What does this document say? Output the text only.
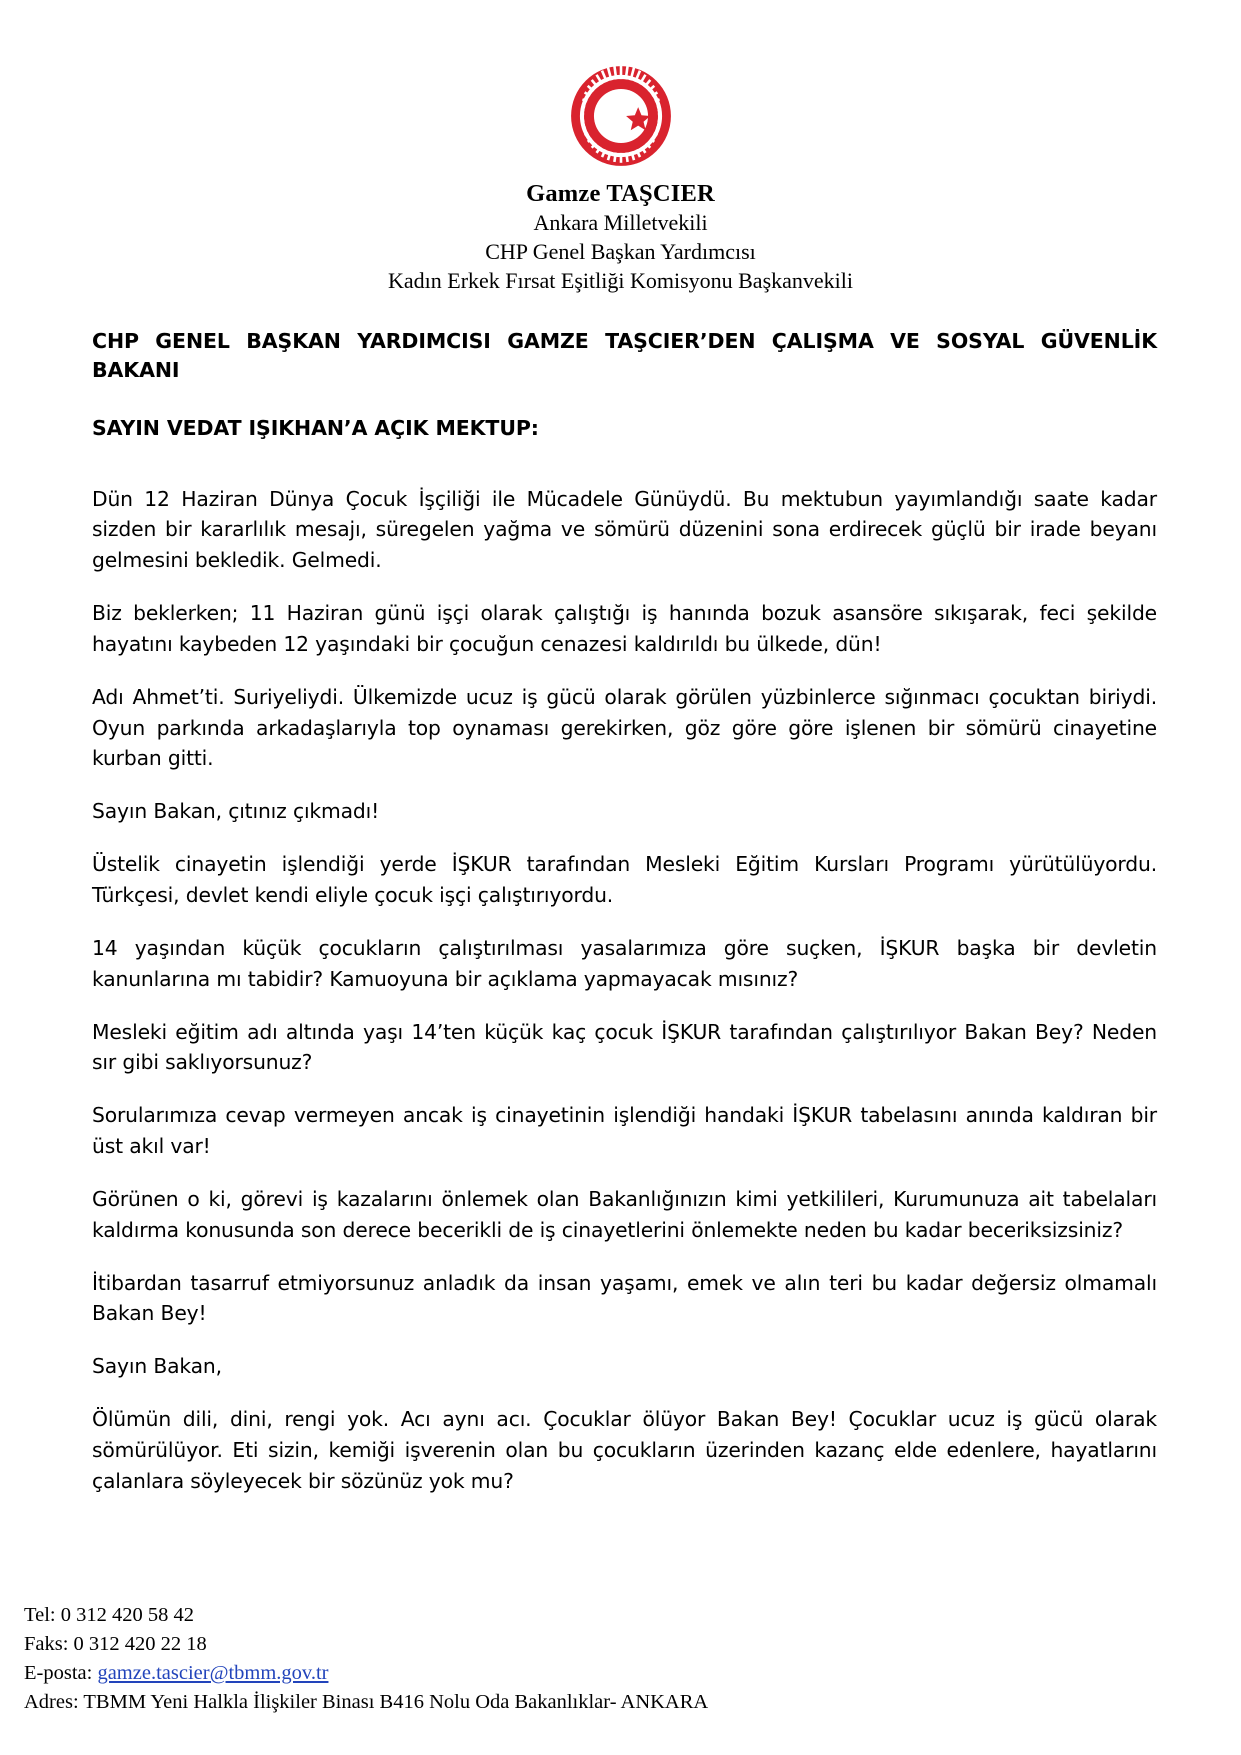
Gamze TAŞCIER
Ankara Milletvekili
CHP Genel Başkan Yardımcısı
Kadın Erkek Fırsat Eşitliği Komisyonu Başkanvekili
CHP GENEL BAŞKAN YARDIMCISI GAMZE TAŞCIER’DEN ÇALIŞMA VE SOSYAL GÜVENLİK BAKANI
SAYIN VEDAT IŞIKHAN’A AÇIK MEKTUP:

Dün 12 Haziran Dünya Çocuk İşçiliği ile Mücadele Günüydü. Bu mektubun yayımlandığı saate kadar sizden bir kararlılık mesajı, süregelen yağma ve sömürü düzenini sona erdirecek güçlü bir irade beyanı gelmesini bekledik. Gelmedi.

Biz beklerken; 11 Haziran günü işçi olarak çalıştığı iş hanında bozuk asansöre sıkışarak, feci şekilde hayatını kaybeden 12 yaşındaki bir çocuğun cenazesi kaldırıldı bu ülkede, dün!

Adı Ahmet’ti. Suriyeliydi. Ülkemizde ucuz iş gücü olarak görülen yüzbinlerce sığınmacı çocuktan biriydi. Oyun parkında arkadaşlarıyla top oynaması gerekirken, göz göre göre işlenen bir sömürü cinayetine kurban gitti.

Sayın Bakan, çıtınız çıkmadı!

Üstelik cinayetin işlendiği yerde İŞKUR tarafından Mesleki Eğitim Kursları Programı yürütülüyordu. Türkçesi, devlet kendi eliyle çocuk işçi çalıştırıyordu.

14 yaşından küçük çocukların çalıştırılması yasalarımıza göre suçken, İŞKUR başka bir devletin kanunlarına mı tabidir? Kamuoyuna bir açıklama yapmayacak mısınız?

Mesleki eğitim adı altında yaşı 14’ten küçük kaç çocuk İŞKUR tarafından çalıştırılıyor Bakan Bey? Neden sır gibi saklıyorsunuz?

Sorularımıza cevap vermeyen ancak iş cinayetinin işlendiği handaki İŞKUR tabelasını anında kaldıran bir üst akıl var!

Görünen o ki, görevi iş kazalarını önlemek olan Bakanlığınızın kimi yetkilileri, Kurumunuza ait tabelaları kaldırma konusunda son derece becerikli de iş cinayetlerini önlemekte neden bu kadar beceriksizsiniz?

İtibardan tasarruf etmiyorsunuz anladık da insan yaşamı, emek ve alın teri bu kadar değersiz olmamalı Bakan Bey!

Sayın Bakan,

Ölümün dili, dini, rengi yok. Acı aynı acı. Çocuklar ölüyor Bakan Bey! Çocuklar ucuz iş gücü olarak sömürülüyor. Eti sizin, kemiği işverenin olan bu çocukların üzerinden kazanç elde edenlere, hayatlarını çalanlara söyleyecek bir sözünüz yok mu?

Tel: 0 312 420 58 42
Faks: 0 312 420 22 18
E-posta: gamze.tascier@tbmm.gov.tr
Adres: TBMM Yeni Halkla İlişkiler Binası B416 Nolu Oda Bakanlıklar- ANKARA
